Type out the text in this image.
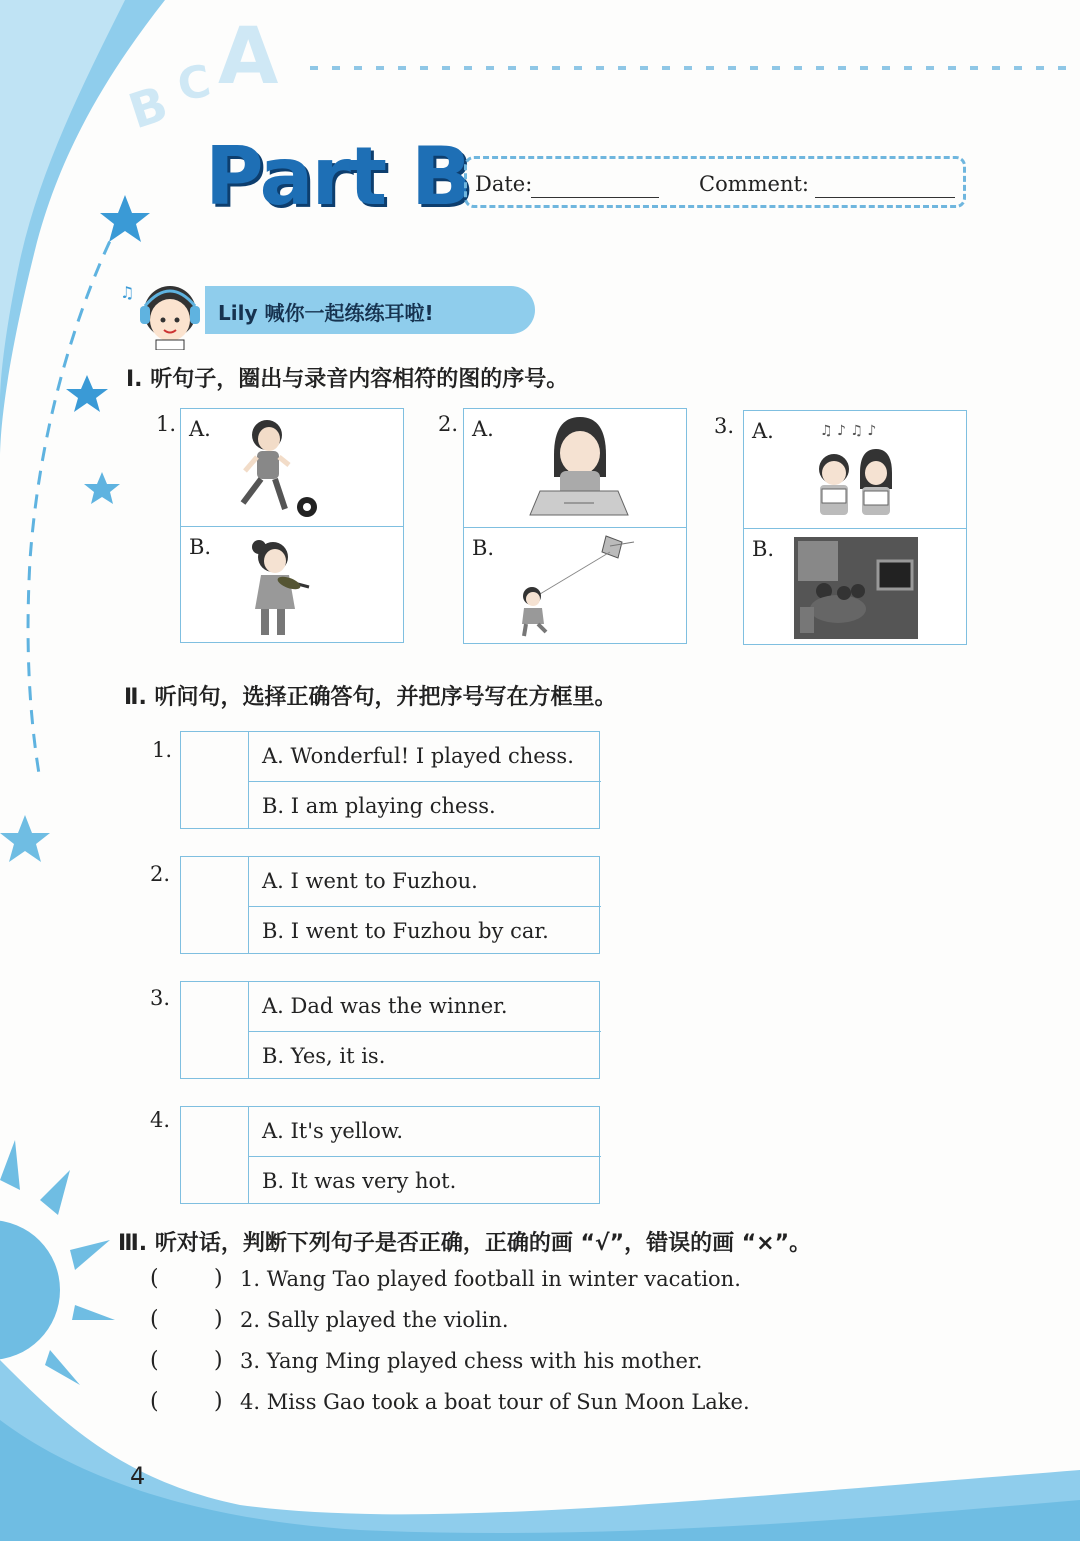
B C A
Part B Date:	Comment:
♫
Lily 喊你一起练练耳啦!
Ⅰ. 听句子，圈出与录音内容相符的图的序号。
1. A.
B.
2. A.
B.
3. A.	♫ ♪ ♫ ♪
B.
Ⅱ. 听问句，选择正确答句，并把序号写在方框里。
1.	A. Wonderful! I played chess.
B. I am playing chess.
2.	A. I went to Fuzhou.
B. I went to Fuzhou by car.
3.	A. Dad was the winner.
B. Yes, it is.
4.	A. It's yellow.
B. It was very hot.
Ⅲ. 听对话，判断下列句子是否正确，正确的画 “√”，错误的画 “×”。
(	) 1. Wang Tao played football in winter vacation.
(	) 2. Sally played the violin.
(	) 3. Yang Ming played chess with his mother.
(	) 4. Miss Gao took a boat tour of Sun Moon Lake.
4
